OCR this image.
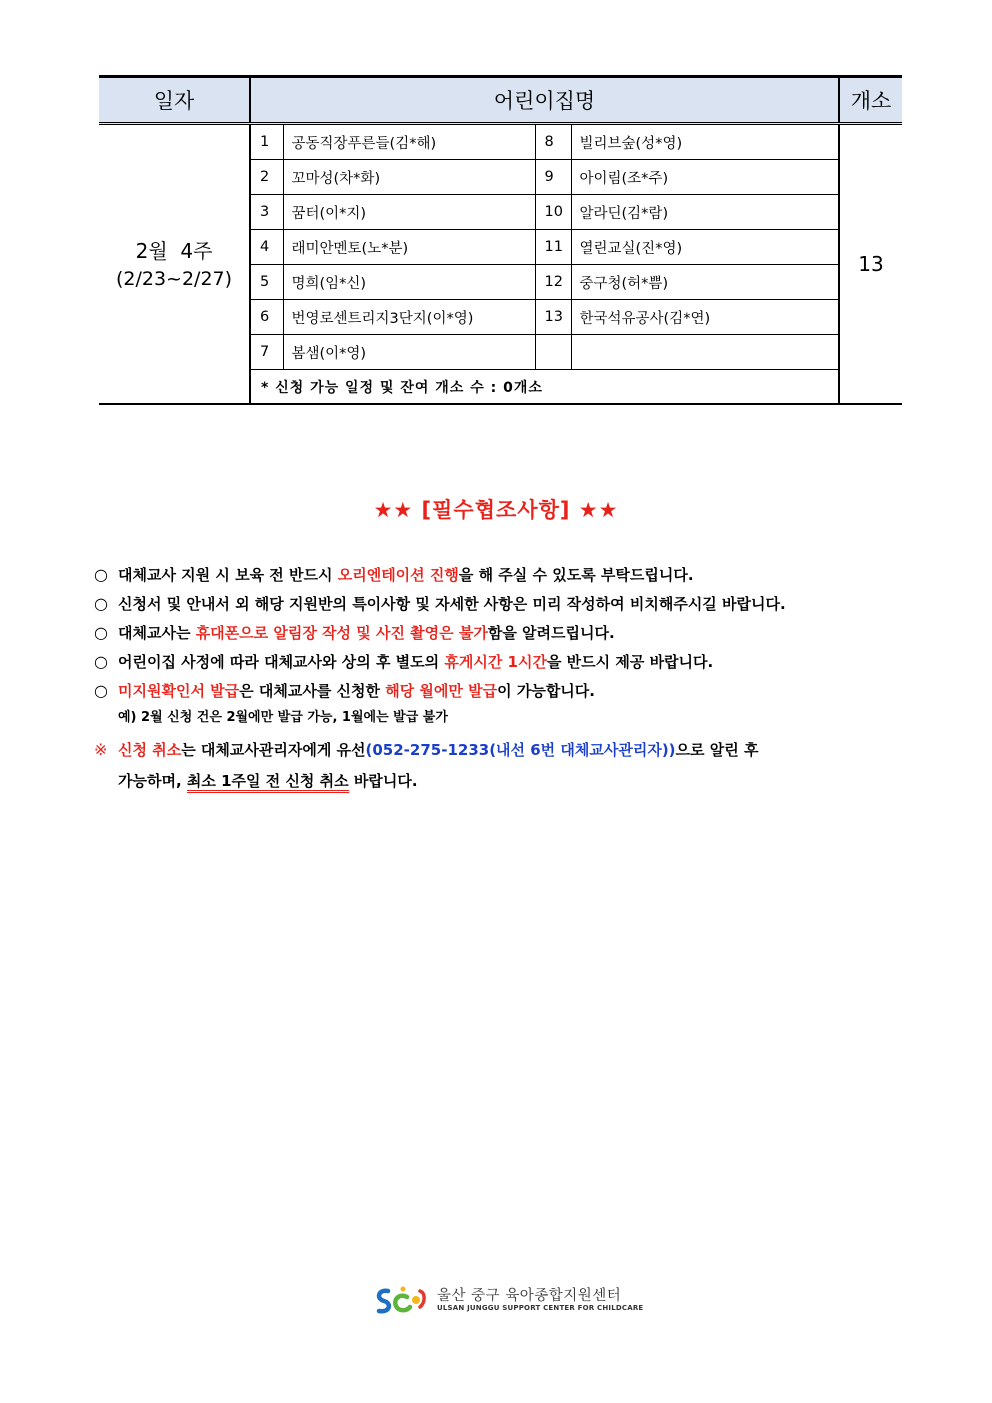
일자	어린이집명	개소

2월  4주
(2/23~2/27)

1	공동직장푸른들(김*해)	8	빌리브숲(성*영)
2	꼬마성(차*화)	9	아이림(조*주)
3	꿈터(이*지)	10	알라딘(김*람)
4	래미안멘토(노*분)	11	열린교실(진*영)
5	명희(임*신)	12	중구청(허*쁨)
6	번영로센트리지3단지(이*영)	13	한국석유공사(김*연)
7	봄샘(이*영)		
* 신청 가능 일정 및 잔여 개소 수 : 0개소
	13
★★ [필수협조사항] ★★
○ 대체교사 지원 시 보육 전 반드시 오리엔테이션 진행을 해 주실 수 있도록 부탁드립니다.
○ 신청서 및 안내서 외 해당 지원반의 특이사항 및 자세한 사항은 미리 작성하여 비치해주시길 바랍니다.
○ 대체교사는 휴대폰으로 알림장 작성 및 사진 촬영은 불가함을 알려드립니다.
○ 어린이집 사정에 따라 대체교사와 상의 후 별도의 휴게시간 1시간을 반드시 제공 바랍니다.
○ 미지원확인서 발급은 대체교사를 신청한 해당 월에만 발급이 가능합니다.
예) 2월 신청 건은 2월에만 발급 가능, 1월에는 발급 불가
※ 신청 취소는 대체교사관리자에게 유선(052-275-1233(내선 6번 대체교사관리자))으로 알린 후
가능하며, 최소 1주일 전 신청 취소 바랍니다.
울산 중구 육아종합지원센터
ULSAN JUNGGU SUPPORT CENTER FOR CHILDCARE
